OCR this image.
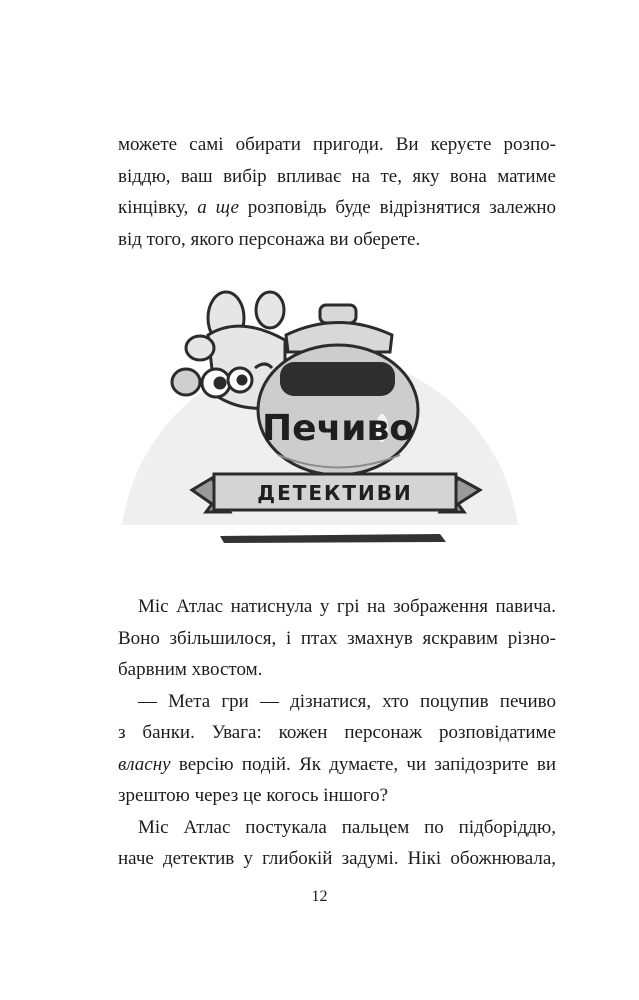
можете самі обирати пригоди. Ви керуєте розпо-
віддю, ваш вибір впливає на те, яку вона матиме
кінцівку, а ще розповідь буде відрізнятися залежно
від того, якого персонажа ви оберете.
Печиво
ДЕТЕКТИВИ
Міс Атлас натиснула у грі на зображення павича.
Воно збільшилося, і птах змахнув яскравим різно-
барвним хвостом.
— Мета гри — дізнатися, хто поцупив печиво
з банки. Увага: кожен персонаж розповідатиме
власну версію подій. Як думаєте, чи запідозрите ви
зрештою через це когось іншого?
Міс Атлас постукала пальцем по підборіддю,
наче детектив у глибокій задумі. Нікі обожнювала,
12
